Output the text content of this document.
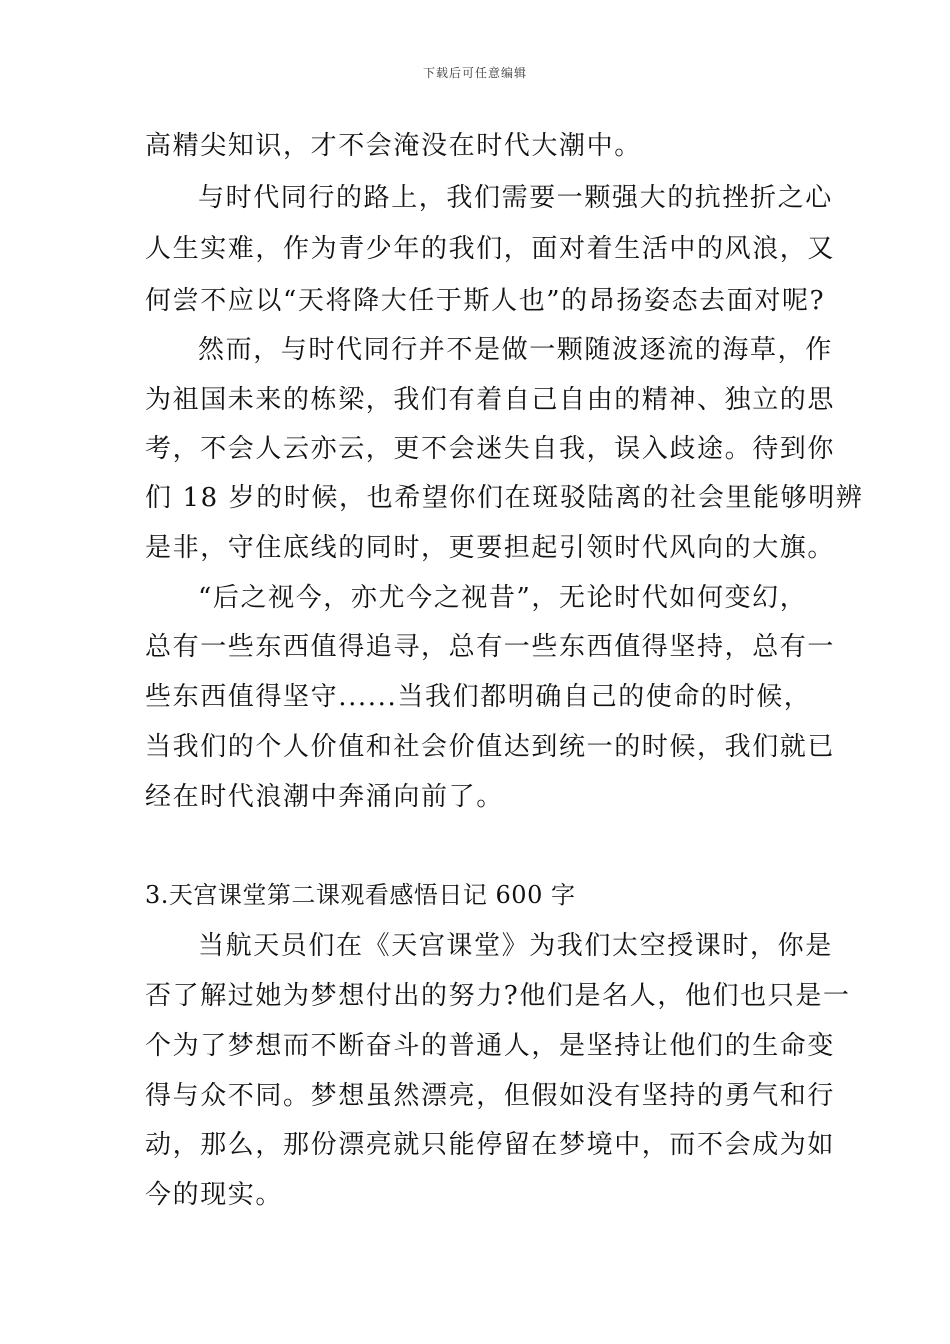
下载后可任意编辑
高精尖知识，才不会淹没在时代大潮中。
与时代同行的路上，我们需要一颗强大的抗挫折之心
人生实难，作为青少年的我们，面对着生活中的风浪，又
何尝不应以“天将降大任于斯人也”的昂扬姿态去面对呢?
然而，与时代同行并不是做一颗随波逐流的海草，作
为祖国未来的栋梁，我们有着自己自由的精神、独立的思
考，不会人云亦云，更不会迷失自我，误入歧途。待到你
们 18 岁的时候，也希望你们在斑驳陆离的社会里能够明辨
是非，守住底线的同时，更要担起引领时代风向的大旗。
“后之视今，亦尤今之视昔”，无论时代如何变幻，
总有一些东西值得追寻，总有一些东西值得坚持，总有一
些东西值得坚守......当我们都明确自己的使命的时候，
当我们的个人价值和社会价值达到统一的时候，我们就已
经在时代浪潮中奔涌向前了。
3.天宫课堂第二课观看感悟日记 600 字
当航天员们在《天宫课堂》为我们太空授课时，你是
否了解过她为梦想付出的努力?他们是名人，他们也只是一
个为了梦想而不断奋斗的普通人，是坚持让他们的生命变
得与众不同。梦想虽然漂亮，但假如没有坚持的勇气和行
动，那么，那份漂亮就只能停留在梦境中，而不会成为如
今的现实。
